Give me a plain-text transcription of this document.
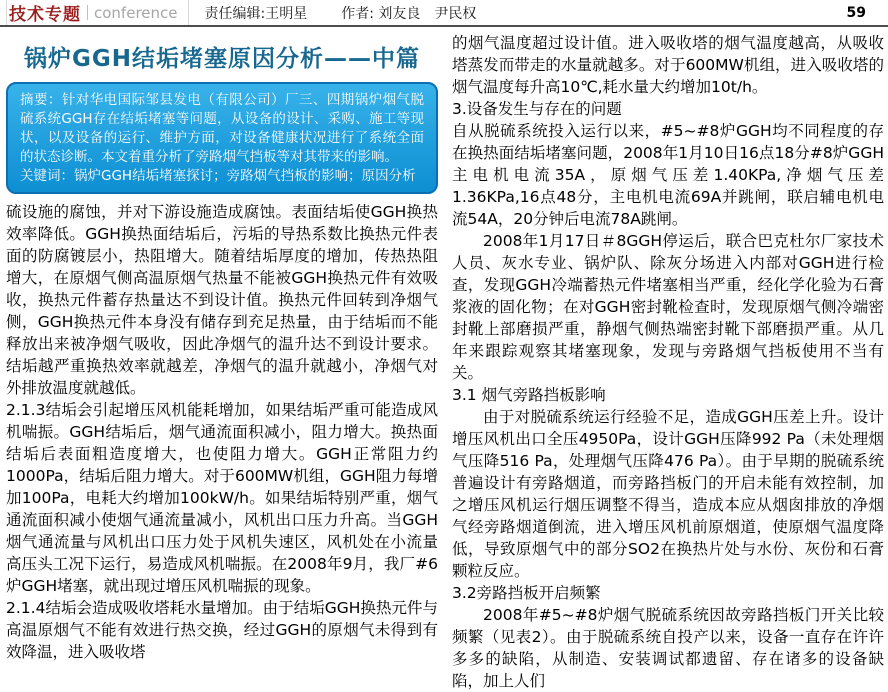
技术专题 conference 责任编辑:王明星 作者: 刘友良　尹民权	59
锅炉GGH结垢堵塞原因分析——中篇

摘要：针对华电国际邹县发电（有限公司）厂三、四期锅炉烟气脱硫系统GGH存在结垢堵塞等问题，从设备的设计、采购、施工等现状，以及设备的运行、维护方面，对设备健康状况进行了系统全面的状态诊断。本文着重分析了旁路烟气挡板等对其带来的影响。

关键词：锅炉GGH结垢堵塞探讨；旁路烟气挡板的影响；原因分析

硫设施的腐蚀，并对下游设施造成腐蚀。表面结垢使GGH换热效率降低。GGH换热面结垢后，污垢的导热系数比换热元件表面的防腐镀层小，热阻增大。随着结垢厚度的增加，传热热阻增大，在原烟气侧高温原烟气热量不能被GGH换热元件有效吸收，换热元件蓄存热量达不到设计值。换热元件回转到净烟气侧，GGH换热元件本身没有储存到充足热量，由于结垢而不能释放出来被净烟气吸收，因此净烟气的温升达不到设计要求。结垢越严重换热效率就越差，净烟气的温升就越小，净烟气对外排放温度就越低。

2.1.3结垢会引起增压风机能耗增加，如果结垢严重可能造成风机喘振。GGH结垢后，烟气通流面积减小，阻力增大。换热面结垢后表面粗造度增大，也使阻力增大。GGH正常阻力约1000Pa，结垢后阻力增大。对于600MW机组，GGH阻力每增加100Pa，电耗大约增加100kW/h。如果结垢特别严重，烟气通流面积减小使烟气通流量减小，风机出口压力升高。当GGH烟气通流量与风机出口压力处于风机失速区，风机处在小流量高压头工况下运行，易造成风机喘振。在2008年9月，我厂#6炉GGH堵塞，就出现过增压风机喘振的现象。

2.1.4结垢会造成吸收塔耗水量增加。由于结垢GGH换热元件与高温原烟气不能有效进行热交换，经过GGH的原烟气未得到有效降温，进入吸收塔

的烟气温度超过设计值。进入吸收塔的烟气温度越高，从吸收塔蒸发而带走的水量就越多。对于600MW机组，进入吸收塔的烟气温度每升高10℃,耗水量大约增加10t/h。

3.设备发生与存在的问题

自从脱硫系统投入运行以来，#5~#8炉GGH均不同程度的存在换热面结垢堵塞问题，2008年1月10日16点18分#8炉GGH主电机电流35A，原烟气压差1.40KPa,净烟气压差1.36KPa,16点48分，主电机电流69A并跳闸，联启辅电机电流54A，20分钟后电流78A跳闸。

2008年1月17日＃8GGH停运后，联合巴克杜尔厂家技术人员、灰水专业、锅炉队、除灰分场进入内部对GGH进行检查，发现GGH冷端蓄热元件堵塞相当严重，经化学化验为石膏浆液的固化物；在对GGH密封靴检查时，发现原烟气侧冷端密封靴上部磨损严重，静烟气侧热端密封靴下部磨损严重。从几年来跟踪观察其堵塞现象，发现与旁路烟气挡板使用不当有关。

3.1 烟气旁路挡板影响

由于对脱硫系统运行经验不足，造成GGH压差上升。设计增压风机出口全压4950Pa，设计GGH压降992 Pa（未处理烟气压降516 Pa，处理烟气压降476 Pa）。由于早期的脱硫系统普遍设计有旁路烟道，而旁路挡板门的开启未能有效控制，加之增压风机运行烟压调整不得当，造成本应从烟囱排放的净烟气经旁路烟道倒流，进入增压风机前原烟道，使原烟气温度降低，导致原烟气中的部分SO2在换热片处与水份、灰份和石膏颗粒反应。

3.2旁路挡板开启频繁

2008年#5~#8炉烟气脱硫系统因故旁路挡板门开关比较频繁（见表2）。由于脱硫系统自投产以来，设备一直存在许许多多的缺陷，从制造、安装调试都遗留、存在诸多的设备缺陷，加上人们
